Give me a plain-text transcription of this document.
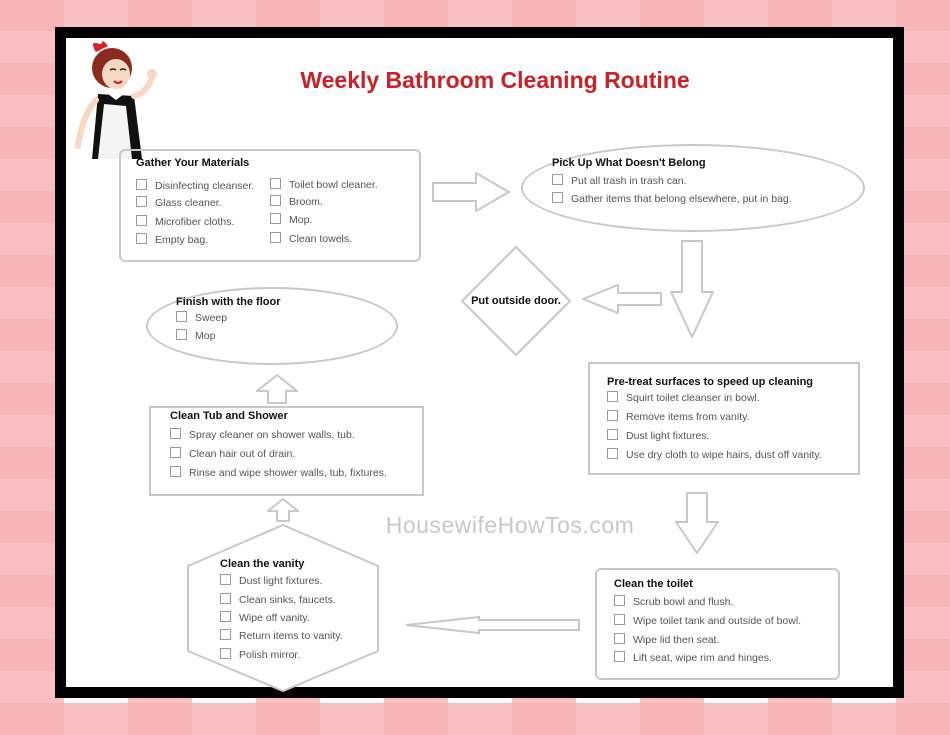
Weekly Bathroom Cleaning Routine
HousewifeHowTos.com
Gather Your Materials
Disinfecting cleanser.
Glass cleaner.
Microfiber cloths.
Empty bag.
Toilet bowl cleaner.
Broom.
Mop.
Clean towels.
Pick Up What Doesn't Belong
Put all trash in trash can.
Gather items that belong elsewhere, put in bag.
Put outside door.
Finish with the floor
Sweep
Mop
Pre-treat surfaces to speed up cleaning
Squirt toilet cleanser in bowl.
Remove items from vanity.
Dust light fixtures.
Use dry cloth to wipe hairs, dust off vanity.
Clean Tub and Shower
Spray cleaner on shower walls, tub.
Clean hair out of drain.
Rinse and wipe shower walls, tub, fixtures.
Clean the vanity
Dust light fixtures.
Clean sinks, faucets.
Wipe off vanity.
Return items to vanity.
Polish mirror.
Clean the toilet
Scrub bowl and flush.
Wipe toilet tank and outside of bowl.
Wipe lid then seat.
Lift seat, wipe rim and hinges.
